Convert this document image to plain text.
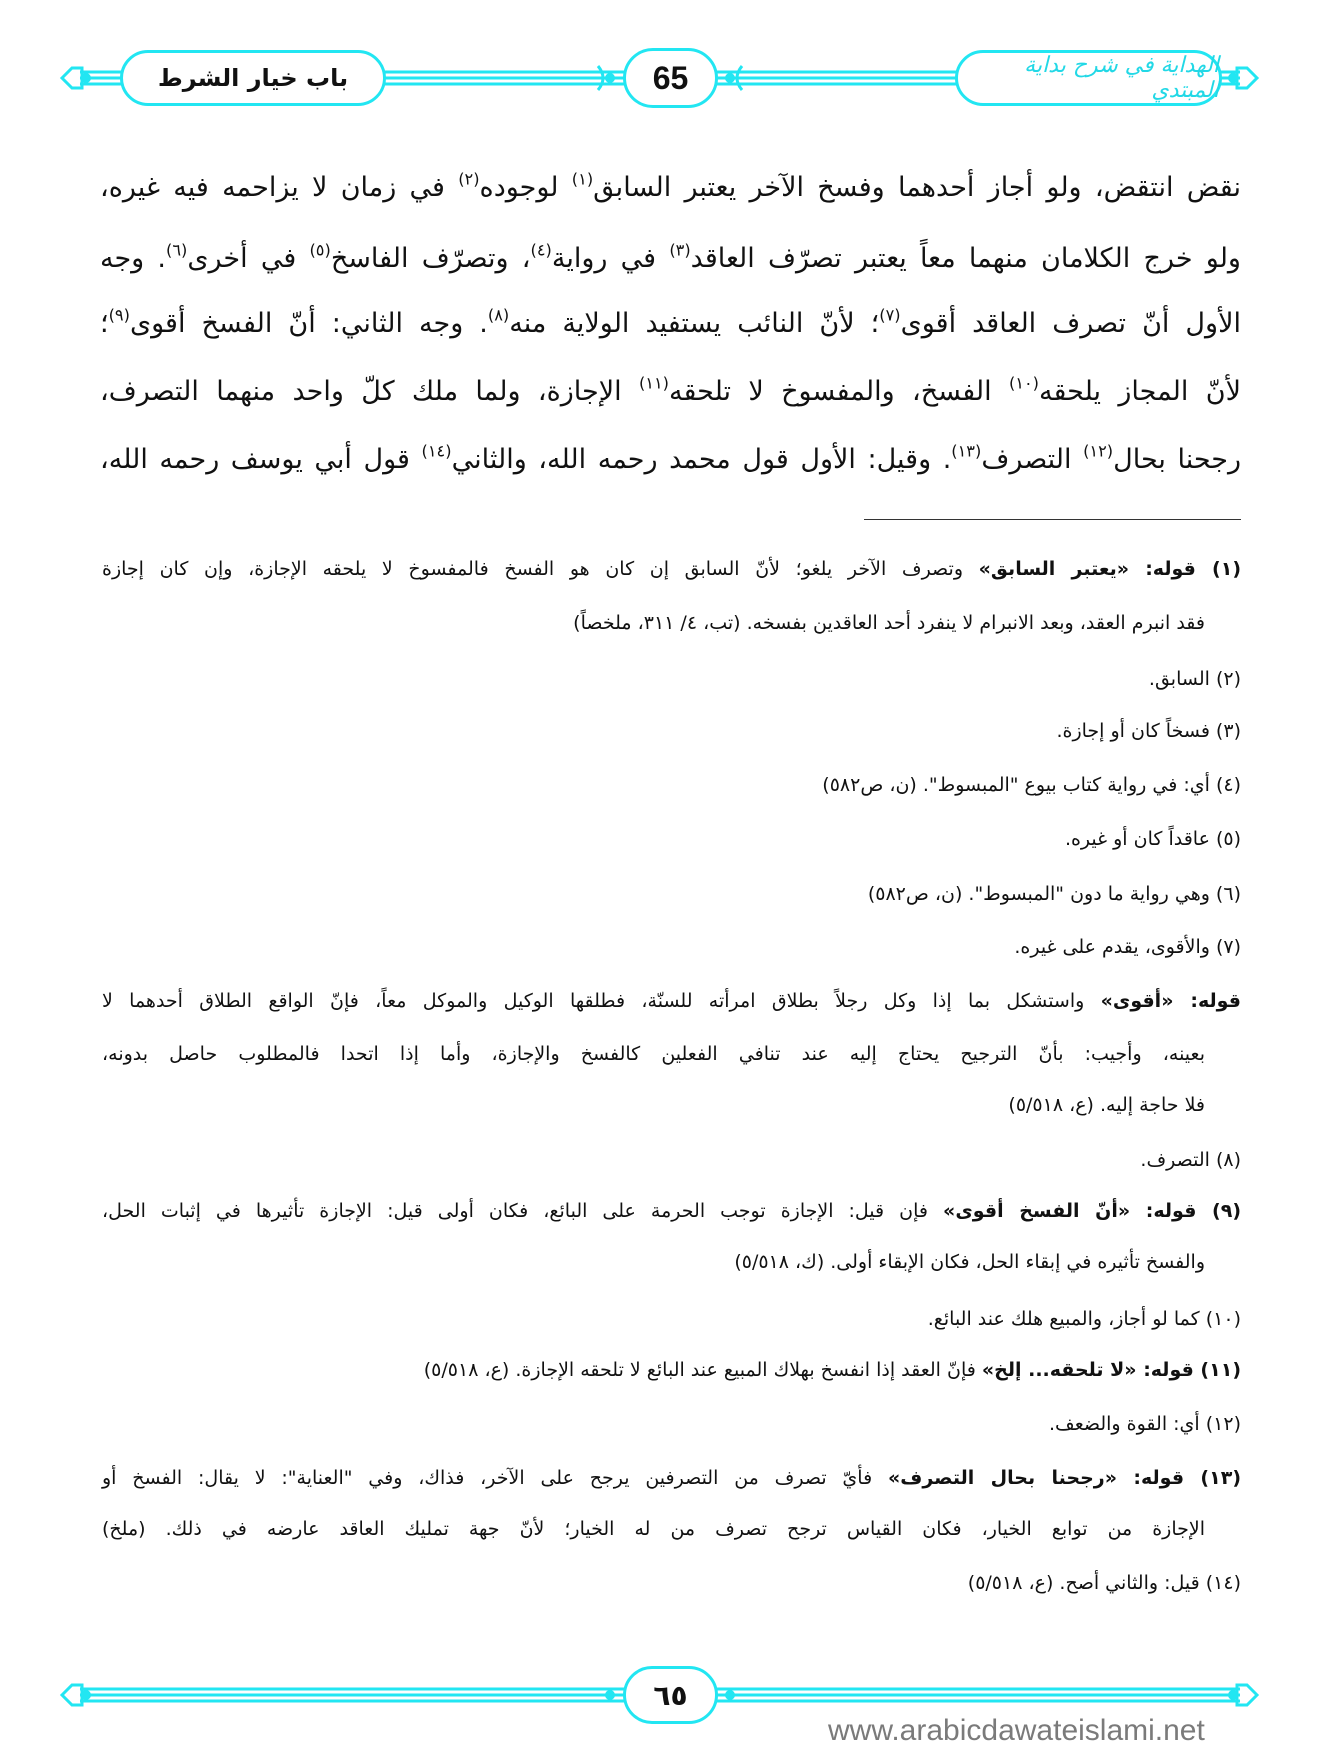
باب خيار الشرط	65	الهداية في شرح بداية المبتدي
نقض انتقض، ولو أجاز أحدهما وفسخ الآخر يعتبر السابق$^{(١)}$ لوجوده$^{(٢)}$ في زمان لا يزاحمه فيه غيره،
ولو خرج الكلامان منهما معاً يعتبر تصرّف العاقد$^{(٣)}$ في رواية$^{(٤)}$، وتصرّف الفاسخ$^{(٥)}$ في أخرى$^{(٦)}$. وجه
الأول أنّ تصرف العاقد أقوى$^{(٧)}$؛ لأنّ النائب يستفيد الولاية منه$^{(٨)}$. وجه الثاني: أنّ الفسخ أقوى$^{(٩)}$؛
لأنّ المجاز يلحقه$^{(١٠)}$ الفسخ، والمفسوخ لا تلحقه$^{(١١)}$ الإجازة، ولما ملك كلّ واحد منهما التصرف،
رجحنا بحال$^{(١٢)}$ التصرف$^{(١٣)}$. وقيل: الأول قول محمد رحمه الله، والثاني$^{(١٤)}$ قول أبي يوسف رحمه الله،
(١) قوله: «يعتبر السابق» وتصرف الآخر يلغو؛ لأنّ السابق إن كان هو الفسخ فالمفسوخ لا يلحقه الإجازة، وإن كان إجازة
فقد انبرم العقد، وبعد الانبرام لا ينفرد أحد العاقدين بفسخه. (تب، ٤/ ٣١١، ملخصاً)
(٢) السابق.
(٣) فسخاً كان أو إجازة.
(٤) أي: في رواية كتاب بيوع "المبسوط". (ن، ص٥٨٢)
(٥) عاقداً كان أو غيره.
(٦) وهي رواية ما دون "المبسوط". (ن، ص٥٨٢)
(٧) والأقوى، يقدم على غيره.
قوله: «أقوى» واستشكل بما إذا وكل رجلاً بطلاق امرأته للسنّة، فطلقها الوكيل والموكل معاً، فإنّ الواقع الطلاق أحدهما لا
بعينه، وأجيب: بأنّ الترجيح يحتاج إليه عند تنافي الفعلين كالفسخ والإجازة، وأما إذا اتحدا فالمطلوب حاصل بدونه،
فلا حاجة إليه. (ع، ٥/٥١٨)
(٨) التصرف.
(٩) قوله: «أنّ الفسخ أقوى» فإن قيل: الإجازة توجب الحرمة على البائع، فكان أولى قيل: الإجازة تأثيرها في إثبات الحل،
والفسخ تأثيره في إبقاء الحل، فكان الإبقاء أولى. (ك، ٥/٥١٨)
(١٠) كما لو أجاز، والمبيع هلك عند البائع.
(١١) قوله: «لا تلحقه... إلخ» فإنّ العقد إذا انفسخ بهلاك المبيع عند البائع لا تلحقه الإجازة. (ع، ٥/٥١٨)
(١٢) أي: القوة والضعف.
(١٣) قوله: «رجحنا بحال التصرف» فأيّ تصرف من التصرفين يرجح على الآخر، فذاك، وفي "العناية": لا يقال: الفسخ أو
الإجازة من توابع الخيار، فكان القياس ترجح تصرف من له الخيار؛ لأنّ جهة تمليك العاقد عارضه في ذلك. (ملخ)
(١٤) قيل: والثاني أصح. (ع، ٥/٥١٨)
٦٥
www.arabicdawateislami.net
